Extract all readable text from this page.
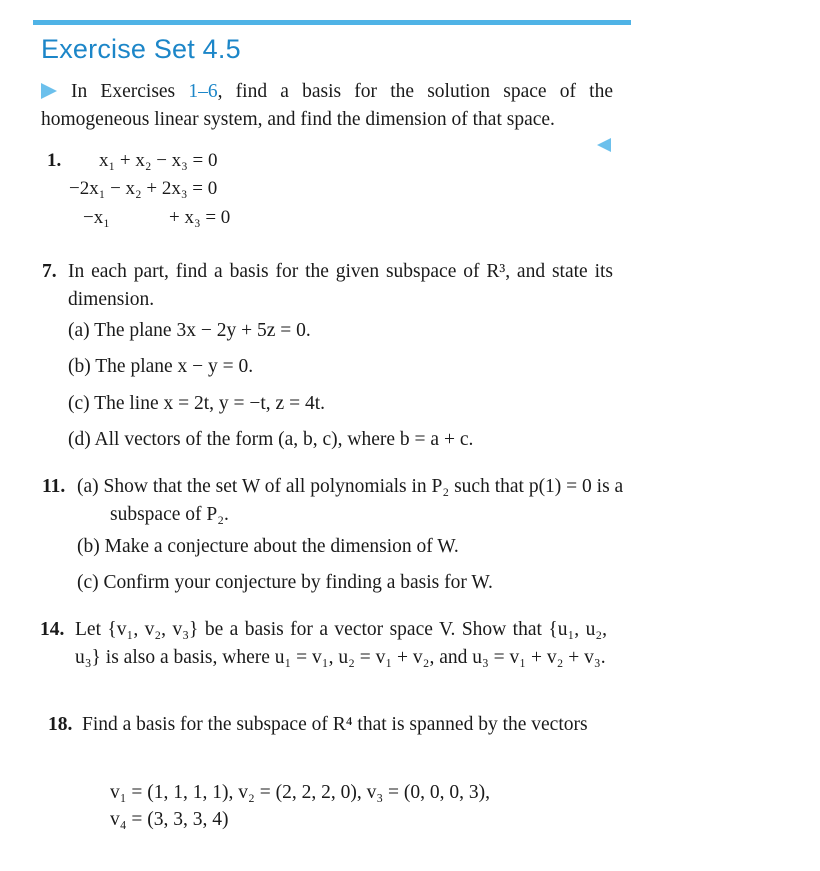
Exercise Set 4.5
In Exercises 1–6, find a basis for the solution space of the homogeneous linear system, and find the dimension of that space.
1. x₁ + x₂ − x₃ = 0
−2x₁ − x₂ + 2x₃ = 0
−x₁	+ x₃ = 0
7. In each part, find a basis for the given subspace of R³, and state its dimension.
(a) The plane 3x − 2y + 5z = 0.
(b) The plane x − y = 0.
(c) The line x = 2t, y = −t, z = 4t.
(d) All vectors of the form (a, b, c), where b = a + c.
11. (a) Show that the set W of all polynomials in P₂ such that p(1) = 0 is a subspace of P₂.
(b) Make a conjecture about the dimension of W.
(c) Confirm your conjecture by finding a basis for W.
14. Let {v₁, v₂, v₃} be a basis for a vector space V. Show that {u₁, u₂, u₃} is also a basis, where u₁ = v₁, u₂ = v₁ + v₂, and u₃ = v₁ + v₂ + v₃.
18. Find a basis for the subspace of R⁴ that is spanned by the vectors
v₁ = (1, 1, 1, 1), v₂ = (2, 2, 2, 0), v₃ = (0, 0, 0, 3),
v₄ = (3, 3, 3, 4)
